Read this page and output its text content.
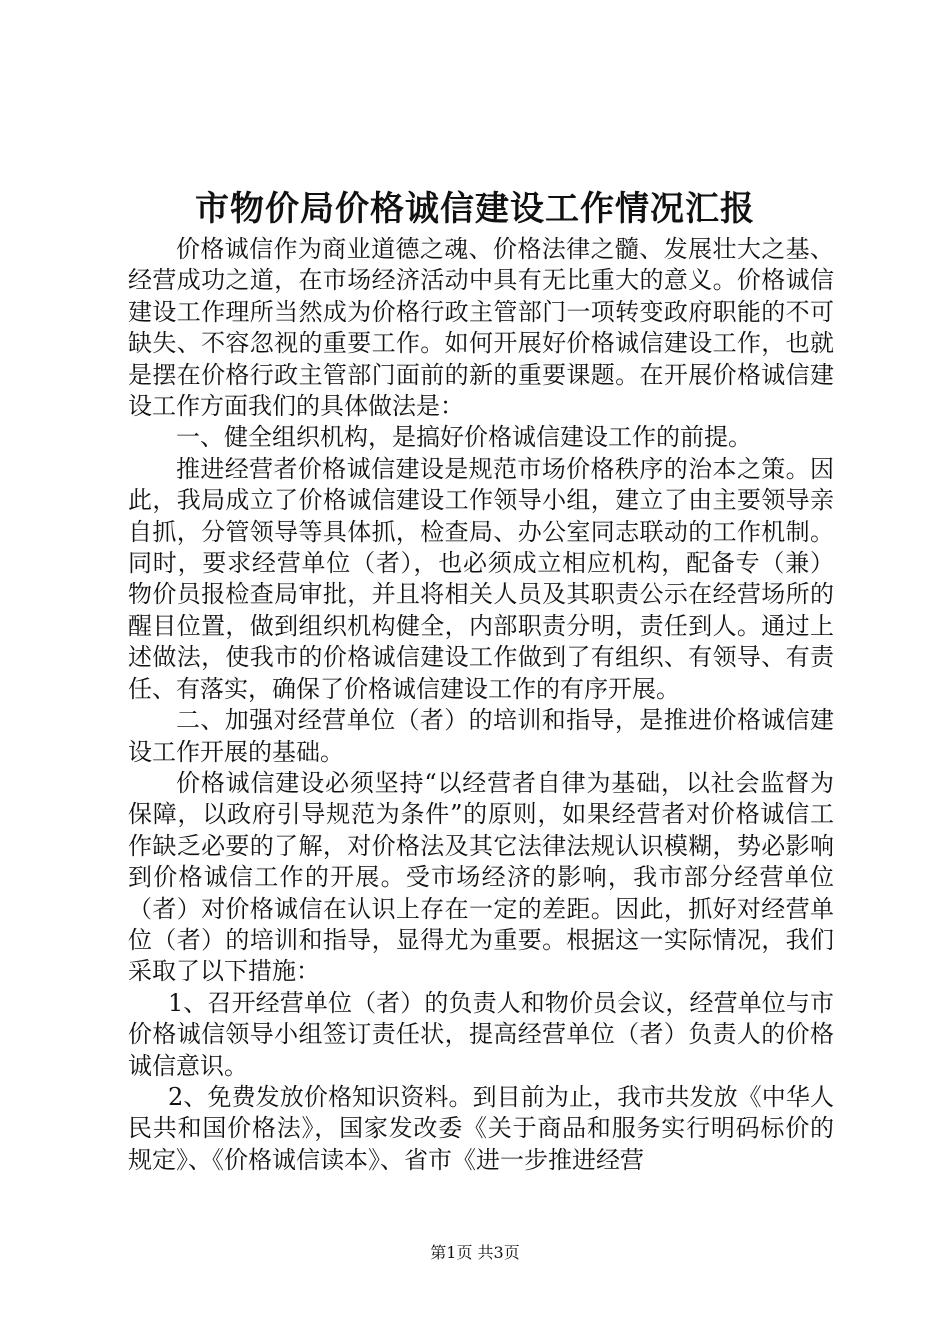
市物价局价格诚信建设工作情况汇报

价格诚信作为商业道德之魂、价格法律之髓、发展壮大之基、经营成功之道，在市场经济活动中具有无比重大的意义。价格诚信建设工作理所当然成为价格行政主管部门一项转变政府职能的不可缺失、不容忽视的重要工作。如何开展好价格诚信建设工作，也就是摆在价格行政主管部门面前的新的重要课题。在开展价格诚信建设工作方面我们的具体做法是：

一、健全组织机构，是搞好价格诚信建设工作的前提。

推进经营者价格诚信建设是规范市场价格秩序的治本之策。因此，我局成立了价格诚信建设工作领导小组，建立了由主要领导亲自抓，分管领导等具体抓，检查局、办公室同志联动的工作机制。同时，要求经营单位（者），也必须成立相应机构，配备专（兼）物价员报检查局审批，并且将相关人员及其职责公示在经营场所的醒目位置，做到组织机构健全，内部职责分明，责任到人。通过上述做法，使我市的价格诚信建设工作做到了有组织、有领导、有责任、有落实，确保了价格诚信建设工作的有序开展。

二、加强对经营单位（者）的培训和指导，是推进价格诚信建设工作开展的基础。

价格诚信建设必须坚持“以经营者自律为基础，以社会监督为保障，以政府引导规范为条件”的原则，如果经营者对价格诚信工作缺乏必要的了解，对价格法及其它法律法规认识模糊，势必影响到价格诚信工作的开展。受市场经济的影响，我市部分经营单位（者）对价格诚信在认识上存在一定的差距。因此，抓好对经营单位（者）的培训和指导，显得尤为重要。根据这一实际情况，我们采取了以下措施：

1、召开经营单位（者）的负责人和物价员会议，经营单位与市价格诚信领导小组签订责任状，提高经营单位（者）负责人的价格诚信意识。

2、免费发放价格知识资料。到目前为止，我市共发放《中华人民共和国价格法》，国家发改委《关于商品和服务实行明码标价的规定》、《价格诚信读本》、省市《进一步推进经营

第1页 共3页
